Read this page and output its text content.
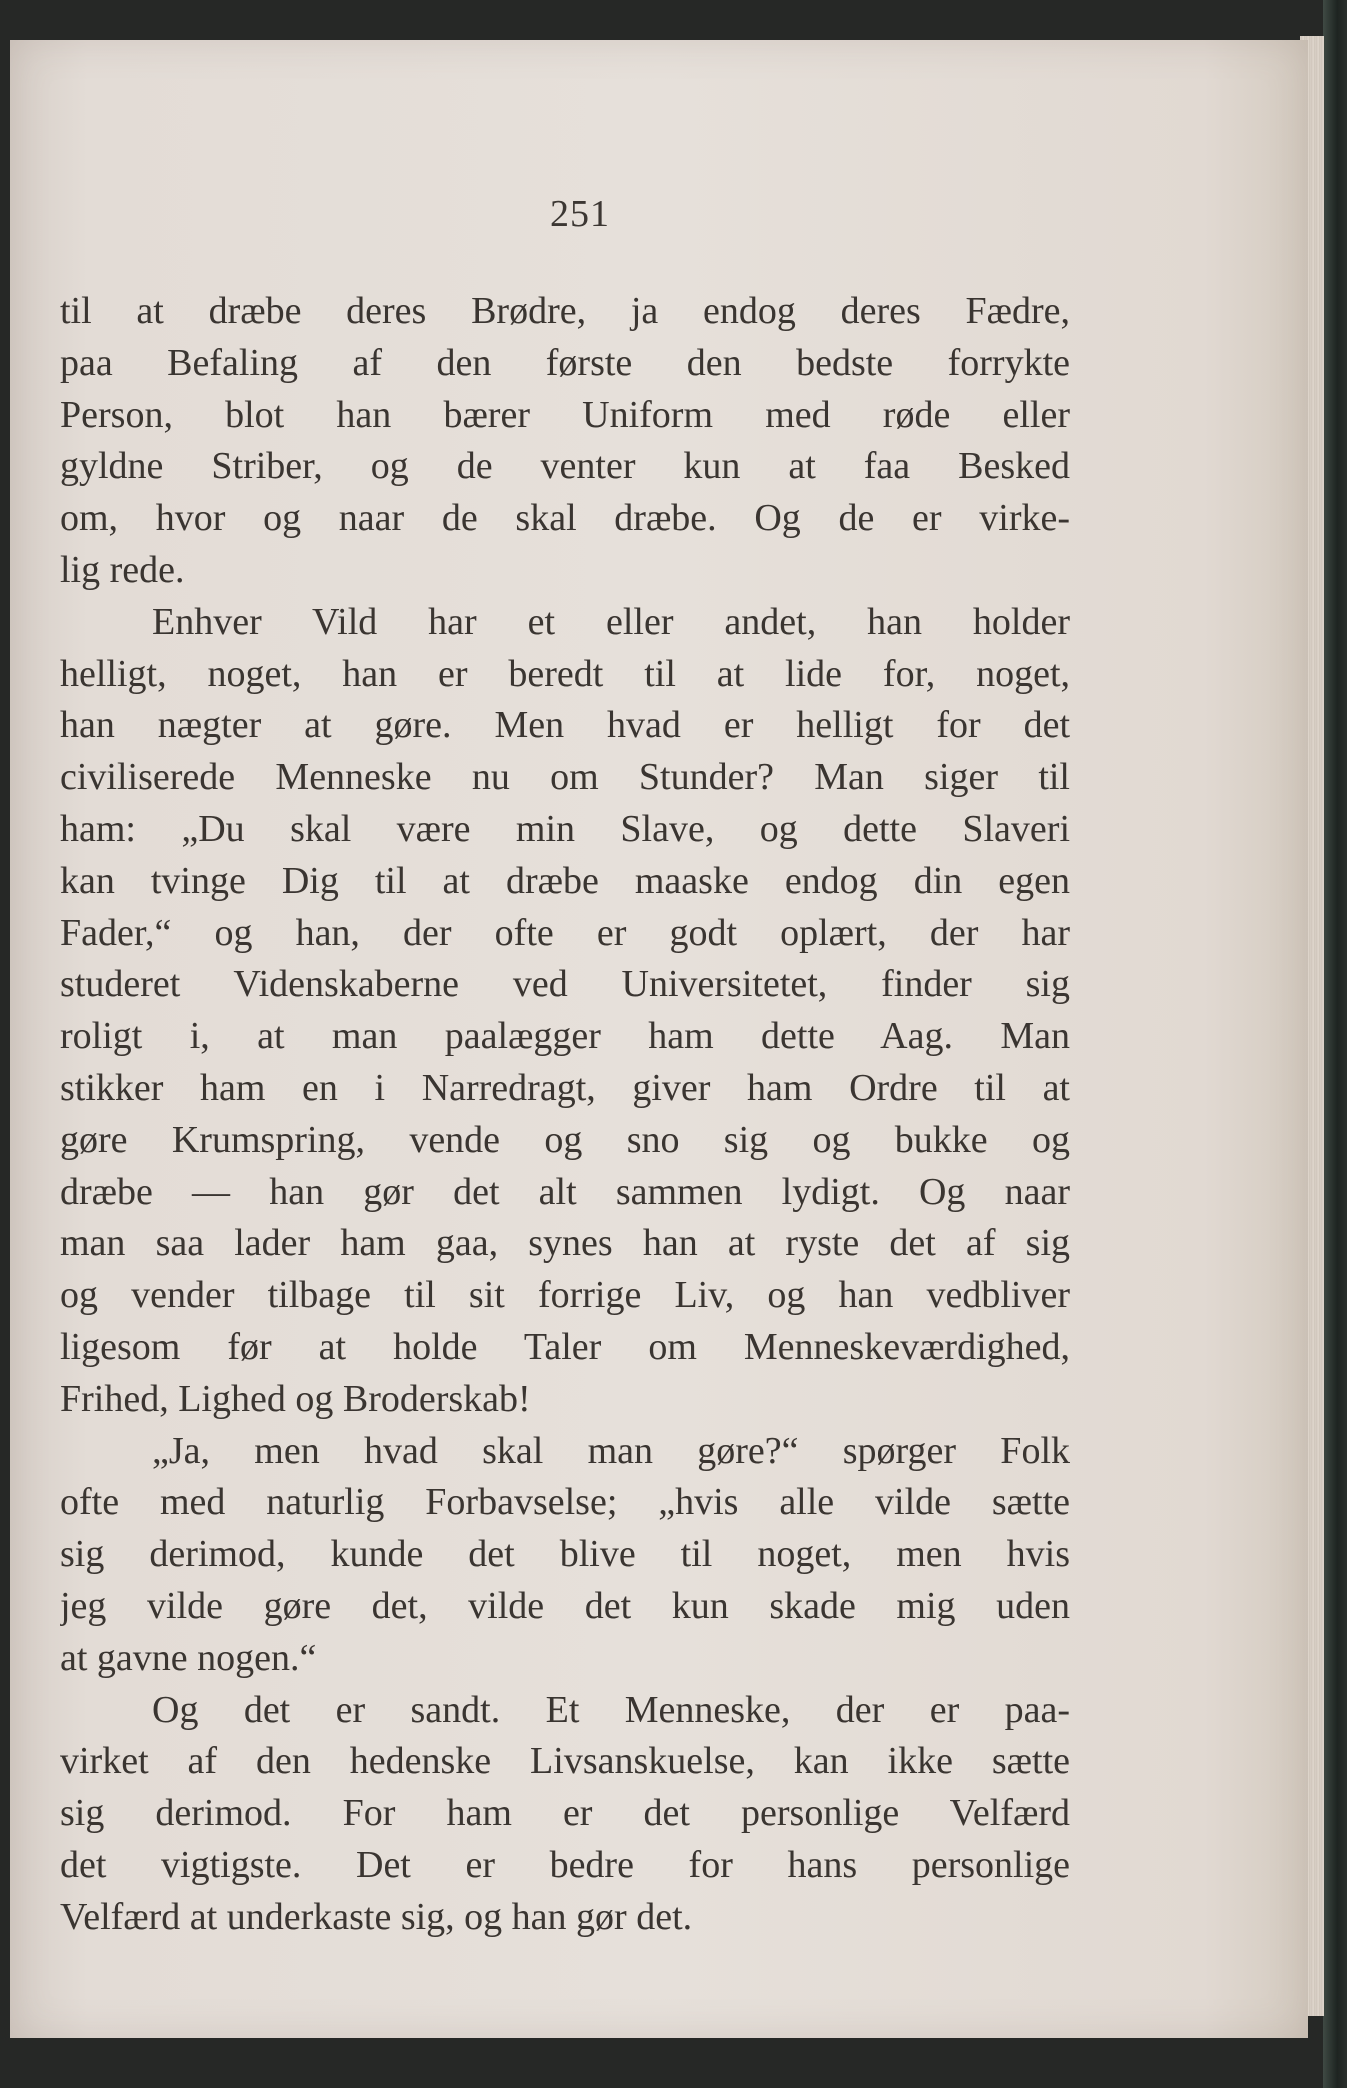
251
til at dræbe deres Brødre, ja endog deres Fædre,
paa Befaling af den første den bedste forrykte
Person, blot han bærer Uniform med røde eller
gyldne Striber, og de venter kun at faa Besked
om, hvor og naar de skal dræbe. Og de er virke-
lig rede.
Enhver Vild har et eller andet, han holder
helligt, noget, han er beredt til at lide for, noget,
han nægter at gøre. Men hvad er helligt for det
civiliserede Menneske nu om Stunder? Man siger til
ham: „Du skal være min Slave, og dette Slaveri
kan tvinge Dig til at dræbe maaske endog din egen
Fader,“ og han, der ofte er godt oplært, der har
studeret Videnskaberne ved Universitetet, finder sig
roligt i, at man paalægger ham dette Aag. Man
stikker ham en i Narredragt, giver ham Ordre til at
gøre Krumspring, vende og sno sig og bukke og
dræbe — han gør det alt sammen lydigt. Og naar
man saa lader ham gaa, synes han at ryste det af sig
og vender tilbage til sit forrige Liv, og han vedbliver
ligesom før at holde Taler om Menneskeværdighed,
Frihed, Lighed og Broderskab!
„Ja, men hvad skal man gøre?“ spørger Folk
ofte med naturlig Forbavselse; „hvis alle vilde sætte
sig derimod, kunde det blive til noget, men hvis
jeg vilde gøre det, vilde det kun skade mig uden
at gavne nogen.“
Og det er sandt. Et Menneske, der er paa-
virket af den hedenske Livsanskuelse, kan ikke sætte
sig derimod. For ham er det personlige Velfærd
det vigtigste. Det er bedre for hans personlige
Velfærd at underkaste sig, og han gør det.
